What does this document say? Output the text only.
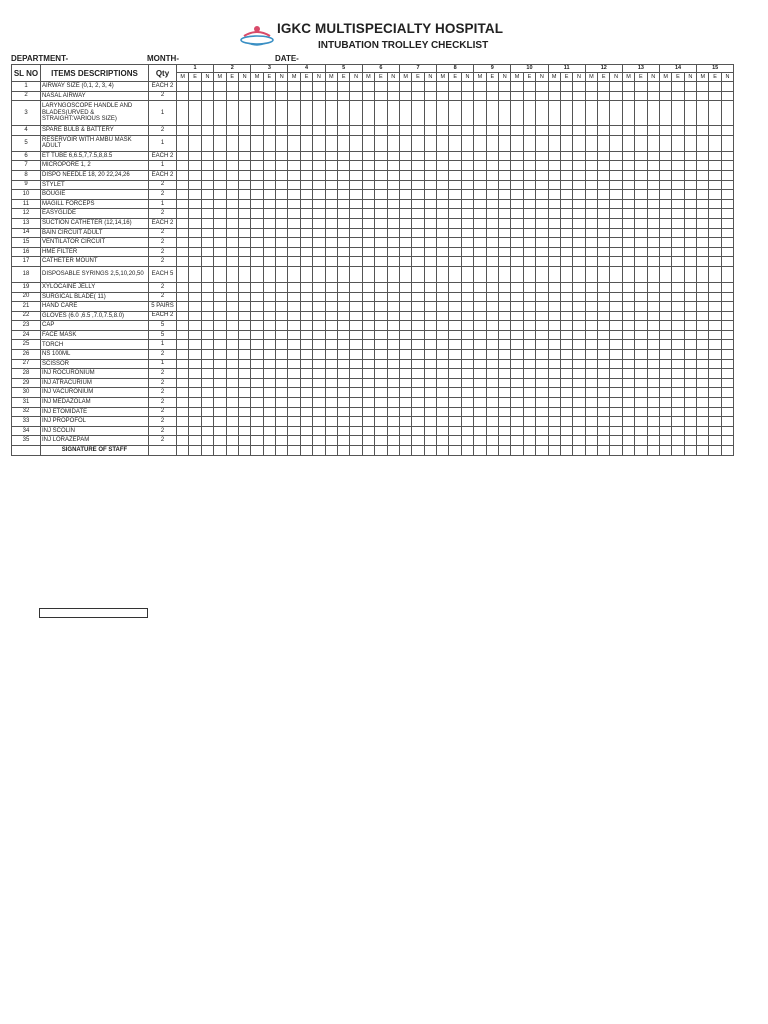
IGKC MULTISPECIALTY HOSPITAL
INTUBATION TROLLEY CHECKLIST
DEPARTMENT-	MONTH-	DATE-
SL NO	ITEMS DESCRIPTIONS	Qty	1			2			3			4			5			6			7			8			9			10			11			12			13			14			15		
			M	E	N	M	E	N	M	E	N	M	E	N	M	E	N	M	E	N	M	E	N	M	E	N	M	E	N	M	E	N	M	E	N	M	E	N	M	E	N	M	E	N	M	E	N
1	AIRWAY SIZE (0,1, 2, 3, 4)	EACH 2																																													
2	NASAL AIRWAY	2																																													
3	LARYNGOSCOPE HANDLE AND BLADES(URVED & STRAIGHT:VARIOUS SIZE)	1																																													
4	SPARE BULB & BATTERY	2																																													
5	RESERVOIR WITH AMBU MASK ADULT	1																																													
6	ET TUBE 6,6.5,7,7.5,8,8.5	EACH 2																																													
7	MICROPORE 1, 2	1																																													
8	DISPO NEEDLE 18, 20 22,24,26	EACH 2																																													
9	STYLET	2																																													
10	BOUGIE	2																																													
11	MAGILL FORCEPS	1																																													
12	EASYGLIDE	2																																													
13	SUCTION CATHETER (12,14,16)	EACH 2																																													
14	BAIN CIRCUIT ADULT	2																																													
15	VENTILATOR CIRCUIT	2																																													
16	HME FILTER	2																																													
17	CATHETER MOUNT	2																																													
18	DISPOSABLE SYRINGS 2,5,10,20,50	EACH 5																																													
19	XYLOCAINE JELLY	2																																													
20	SURGICAL BLADE( 11)	2																																													
21	HAND CARE	5 PAIRS																																													
22	GLOVES (6.0 ,6.5 ,7.0,7.5,8.0)	EACH 2																																													
23	CAP	5																																													
24	FACE MASK	5																																													
25	TORCH	1																																													
26	NS 100ML	2																																													
27	SCISSOR	1																																													
28	INJ ROCURONIUM	2																																													
29	INJ ATRACURIUM	2																																													
30	INJ VACURONIUM	2																																													
31	INJ MEDAZOLAM	2																																													
32	INJ ETOMIDATE	2																																													
33	INJ PROPOFOL	2																																													
34	INJ SCOLIN	2																																													
35	INJ LORAZEPAM	2																																													
	SIGNATURE OF STAFF																																														
